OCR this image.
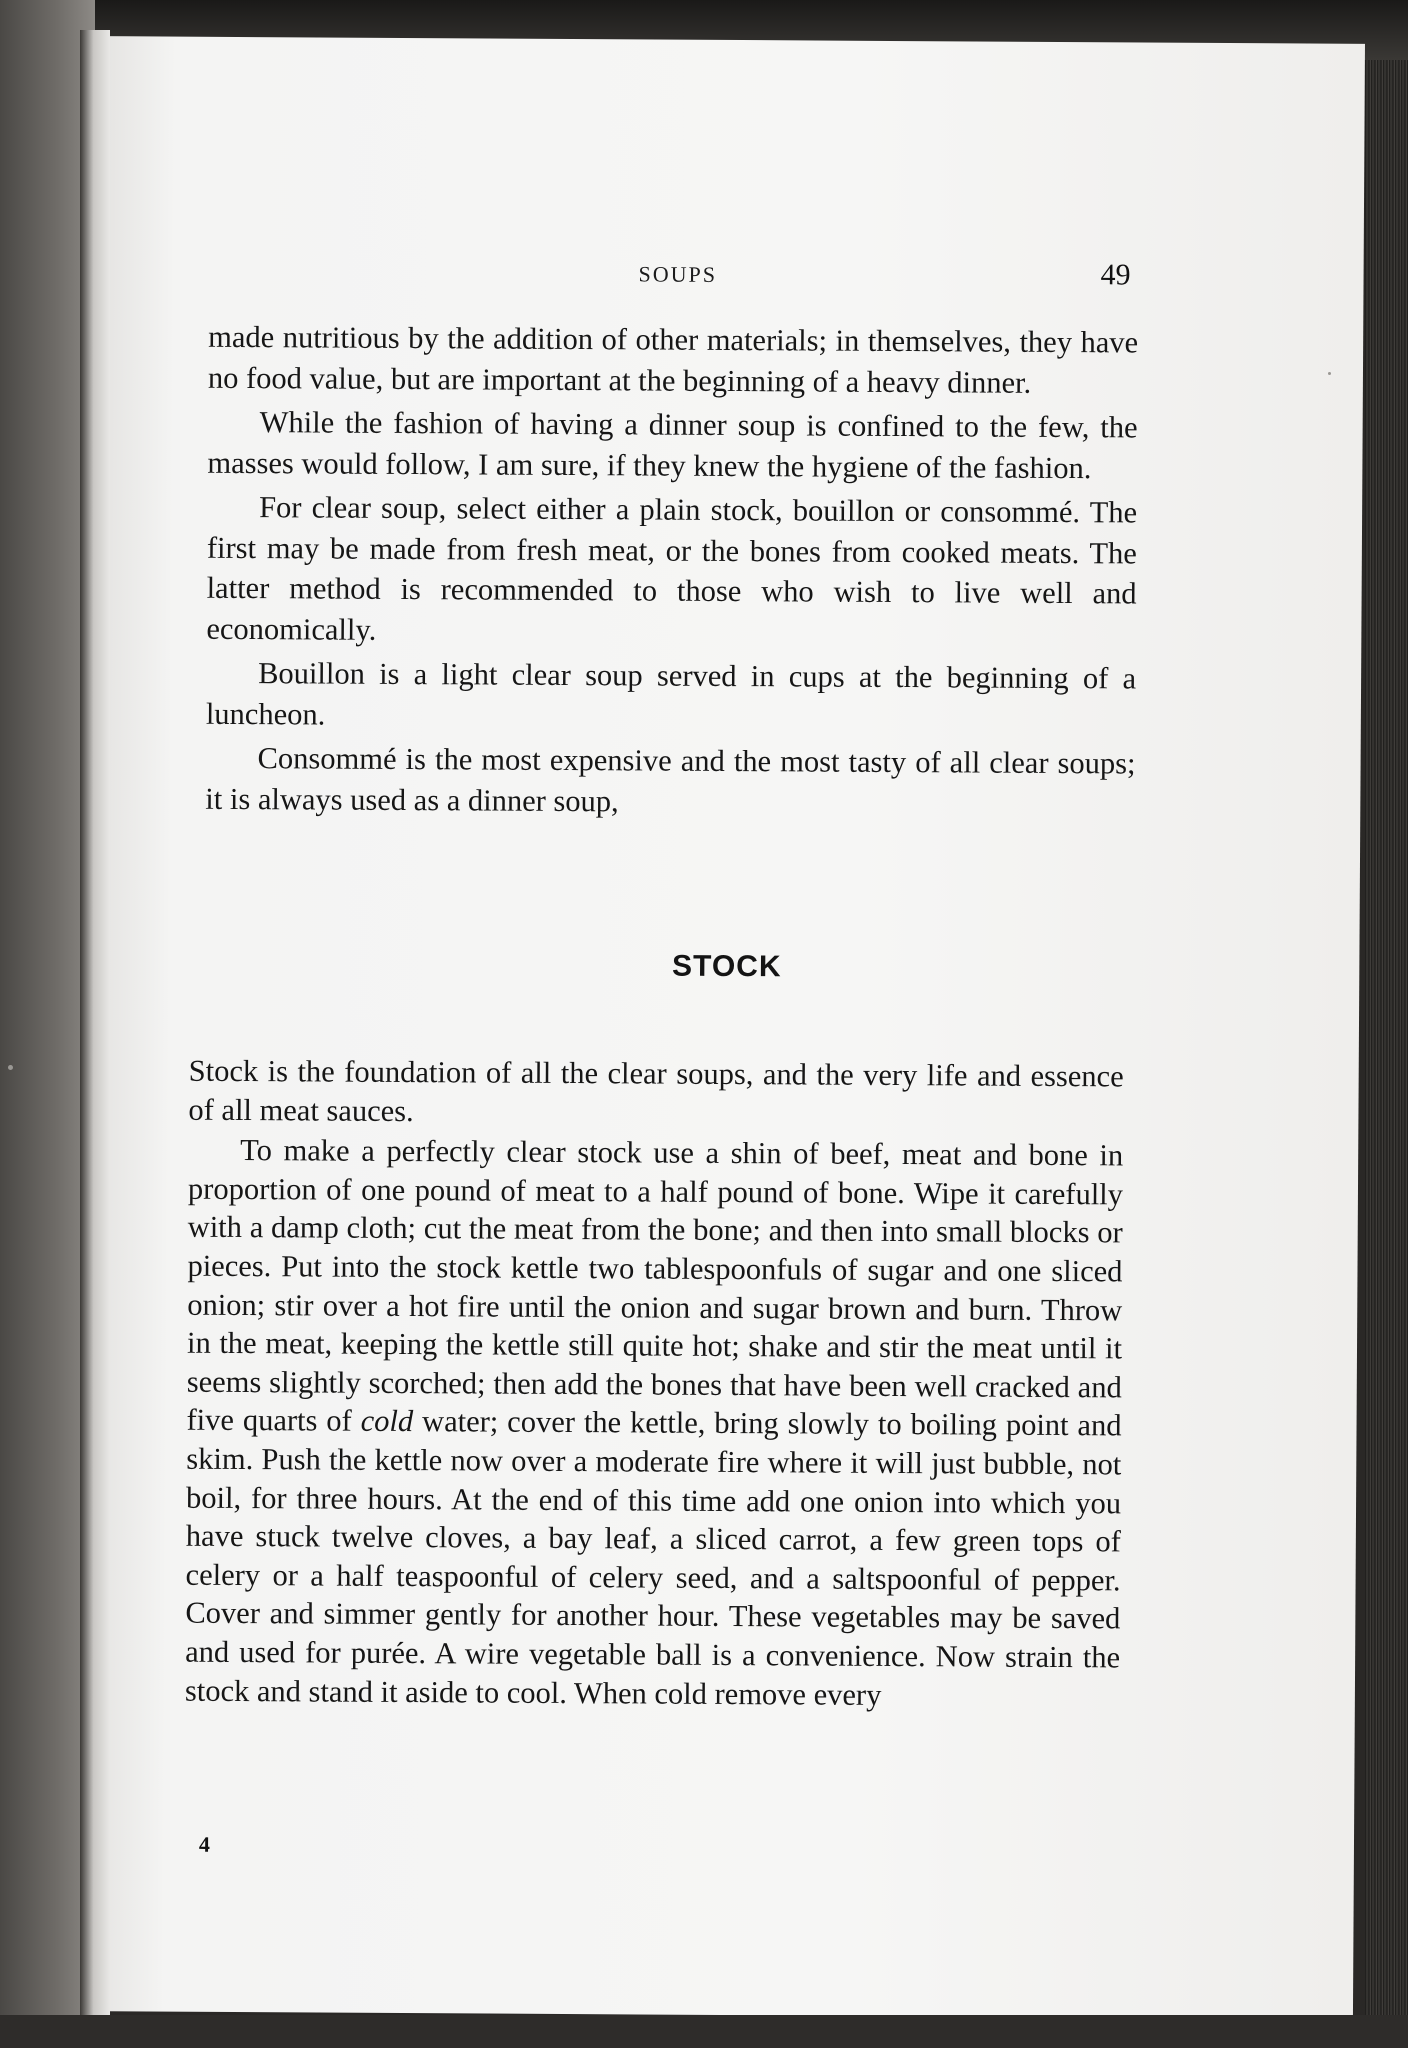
SOUPS	49

made nutritious by the addition of other materials; in themselves, they have no food value, but are important at the beginning of a heavy dinner.

While the fashion of having a dinner soup is confined to the few, the masses would follow, I am sure, if they knew the hygiene of the fashion.

For clear soup, select either a plain stock, bouillon or consommé. The first may be made from fresh meat, or the bones from cooked meats. The latter method is recommended to those who wish to live well and economically.

Bouillon is a light clear soup served in cups at the beginning of a luncheon.

Consommé is the most expensive and the most tasty of all clear soups; it is always used as a dinner soup,

STOCK

Stock is the foundation of all the clear soups, and the very life and essence of all meat sauces.

To make a perfectly clear stock use a shin of beef, meat and bone in proportion of one pound of meat to a half pound of bone. Wipe it carefully with a damp cloth; cut the meat from the bone; and then into small blocks or pieces. Put into the stock kettle two tablespoonfuls of sugar and one sliced onion; stir over a hot fire until the onion and sugar brown and burn. Throw in the meat, keeping the kettle still quite hot; shake and stir the meat until it seems slightly scorched; then add the bones that have been well cracked and five quarts of cold water; cover the kettle, bring slowly to boiling point and skim. Push the kettle now over a moderate fire where it will just bubble, not boil, for three hours. At the end of this time add one onion into which you have stuck twelve cloves, a bay leaf, a sliced carrot, a few green tops of celery or a half teaspoonful of celery seed, and a saltspoonful of pepper. Cover and simmer gently for another hour. These vegetables may be saved and used for purée. A wire vegetable ball is a convenience. Now strain the stock and stand it aside to cool. When cold remove every

4
